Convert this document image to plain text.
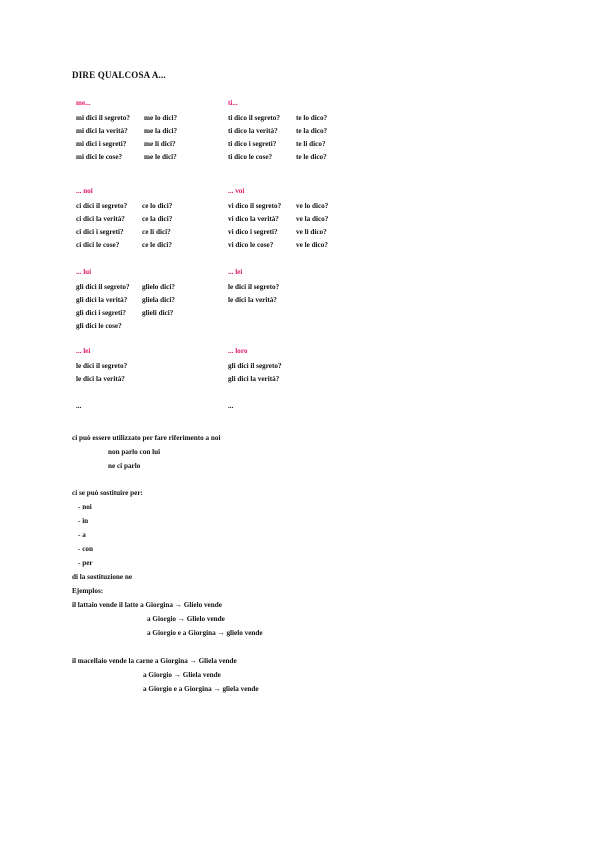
DIRE QUALCOSA A...
me...
mi dici il segreto?	me lo dici?
mi dici la verità?	me la dici?
mi dici i segreti?	me li dici?
mi dici le cose?	me le dici?
ti...
ti dico il segreto?	te lo dico?
ti dico la verità?	te la dico?
ti dico i segreti?	te li dico?
ti dico le cose?	te le dico?
... noi
ci dici il segreto?	ce lo dici?
ci dici la verità?	ce la dici?
ci dici i segreti?	ce li dici?
ci dici le cose?	ce le dici?
... voi
vi dico il segreto?	ve lo dico?
vi dico la verità?	ve la dico?
vi dico i segreti?	ve li dico?
vi dico le cose?	ve le dico?
... lui
gli dici il segreto?	glielo dici?
gli dici la verità?	gliela dici?
gli dici i segreti?	glieli dici?
gli dici le cose?
... lei
le dici il segreto?
le dici la verità?
... lei
le dici il segreto?
le dici la verità?
... loro
gli dici il segreto?
gli dici la verità?
...	...
ci può essere utilizzato per fare riferimento a noi
non parlo con lui
ne ci parlo
ci se può sostituire per:
- noi
- in
- a
- con
- per
di la sostituzione ne
Ejemplos:
il lattaio vende il latte a Giorgina → Glielo vende
a Giorgio → Glielo vende
a Giorgio e a Giorgina → glielo vende
il macellaio vende la carne a Giorgina → Gliela vende
a Giorgio → Gliela vende
a Giorgio e a Giorgina → gliela vende
